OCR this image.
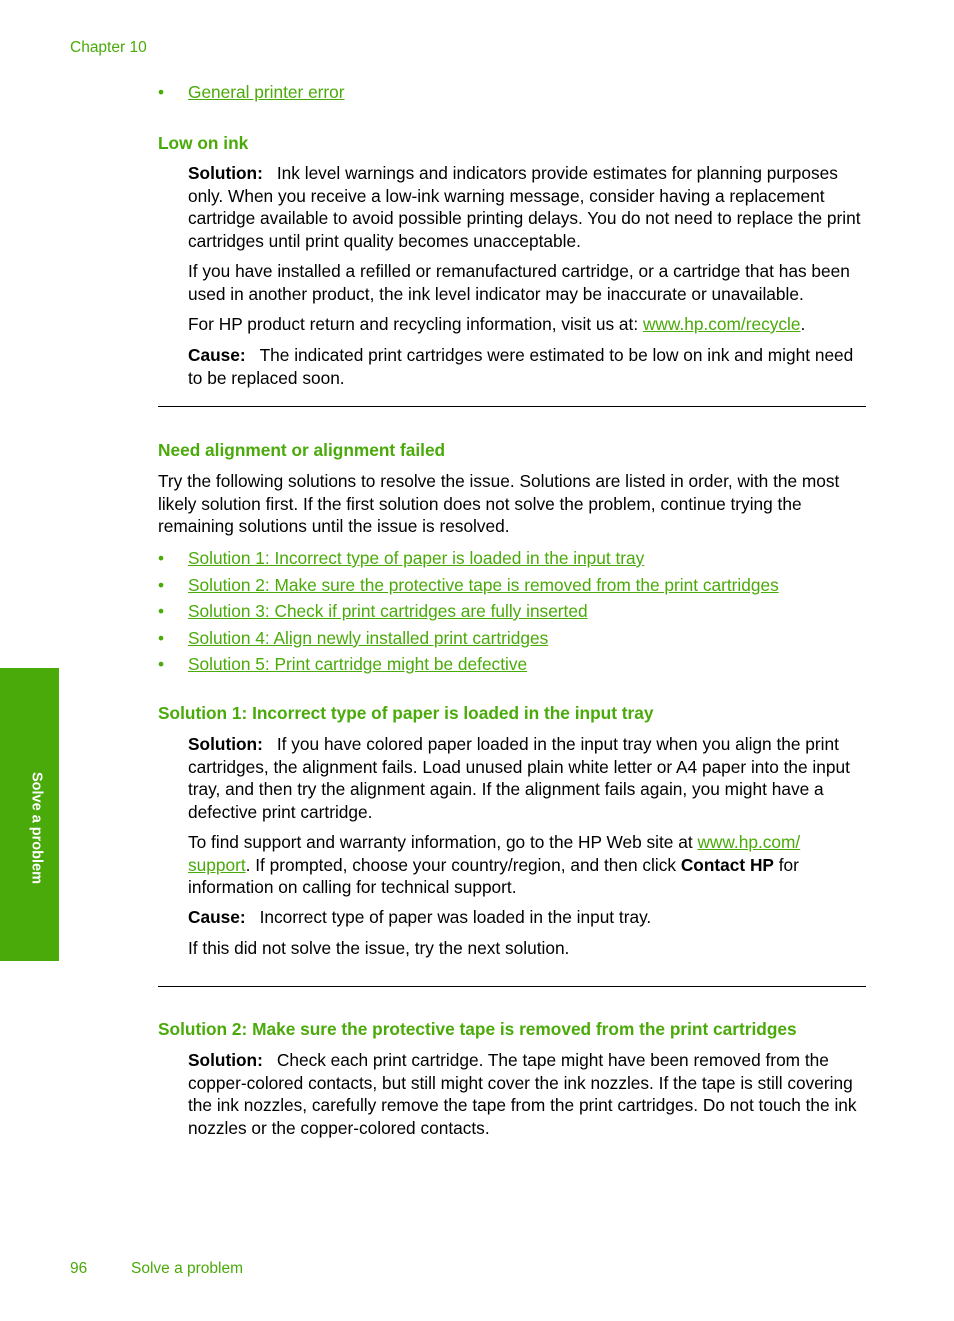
Chapter 10
• General printer error
Low on ink

Solution: Ink level warnings and indicators provide estimates for planning purposes only. When you receive a low-ink warning message, consider having a replacement cartridge available to avoid possible printing delays. You do not need to replace the print cartridges until print quality becomes unacceptable.

If you have installed a refilled or remanufactured cartridge, or a cartridge that has been used in another product, the ink level indicator may be inaccurate or unavailable.

For HP product return and recycling information, visit us at: www.hp.com/recycle.

Cause: The indicated print cartridges were estimated to be low on ink and might need to be replaced soon.

Need alignment or alignment failed

Try the following solutions to resolve the issue. Solutions are listed in order, with the most likely solution first. If the first solution does not solve the problem, continue trying the remaining solutions until the issue is resolved.

• Solution 1: Incorrect type of paper is loaded in the input tray
• Solution 2: Make sure the protective tape is removed from the print cartridges
• Solution 3: Check if print cartridges are fully inserted
• Solution 4: Align newly installed print cartridges
• Solution 5: Print cartridge might be defective
Solution 1: Incorrect type of paper is loaded in the input tray

Solution: If you have colored paper loaded in the input tray when you align the print cartridges, the alignment fails. Load unused plain white letter or A4 paper into the input tray, and then try the alignment again. If the alignment fails again, you might have a defective print cartridge.

To find support and warranty information, go to the HP Web site at www.hp.com/
support. If prompted, choose your country/region, and then click Contact HP for information on calling for technical support.

Cause: Incorrect type of paper was loaded in the input tray.

If this did not solve the issue, try the next solution.

Solution 2: Make sure the protective tape is removed from the print cartridges

Solution: Check each print cartridge. The tape might have been removed from the copper-colored contacts, but still might cover the ink nozzles. If the tape is still covering the ink nozzles, carefully remove the tape from the print cartridges. Do not touch the ink nozzles or the copper-colored contacts.

Solve a problem
96	Solve a problem
